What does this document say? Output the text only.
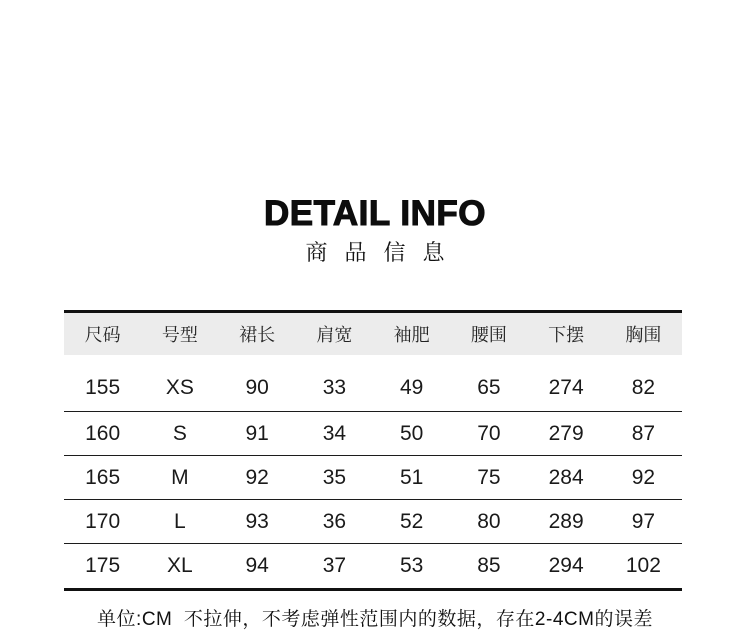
DETAIL INFO
商品信息
尺码	号型	裙长	肩宽	袖肥	腰围	下摆	胸围
155	XS	90	33	49	65	274	82
160	S	91	34	50	70	279	87
165	M	92	35	51	75	284	92
170	L	93	36	52	80	289	97
175	XL	94	37	53	85	294	102
单位:CM  不拉伸，不考虑弹性范围内的数据，存在2-4CM的误差
